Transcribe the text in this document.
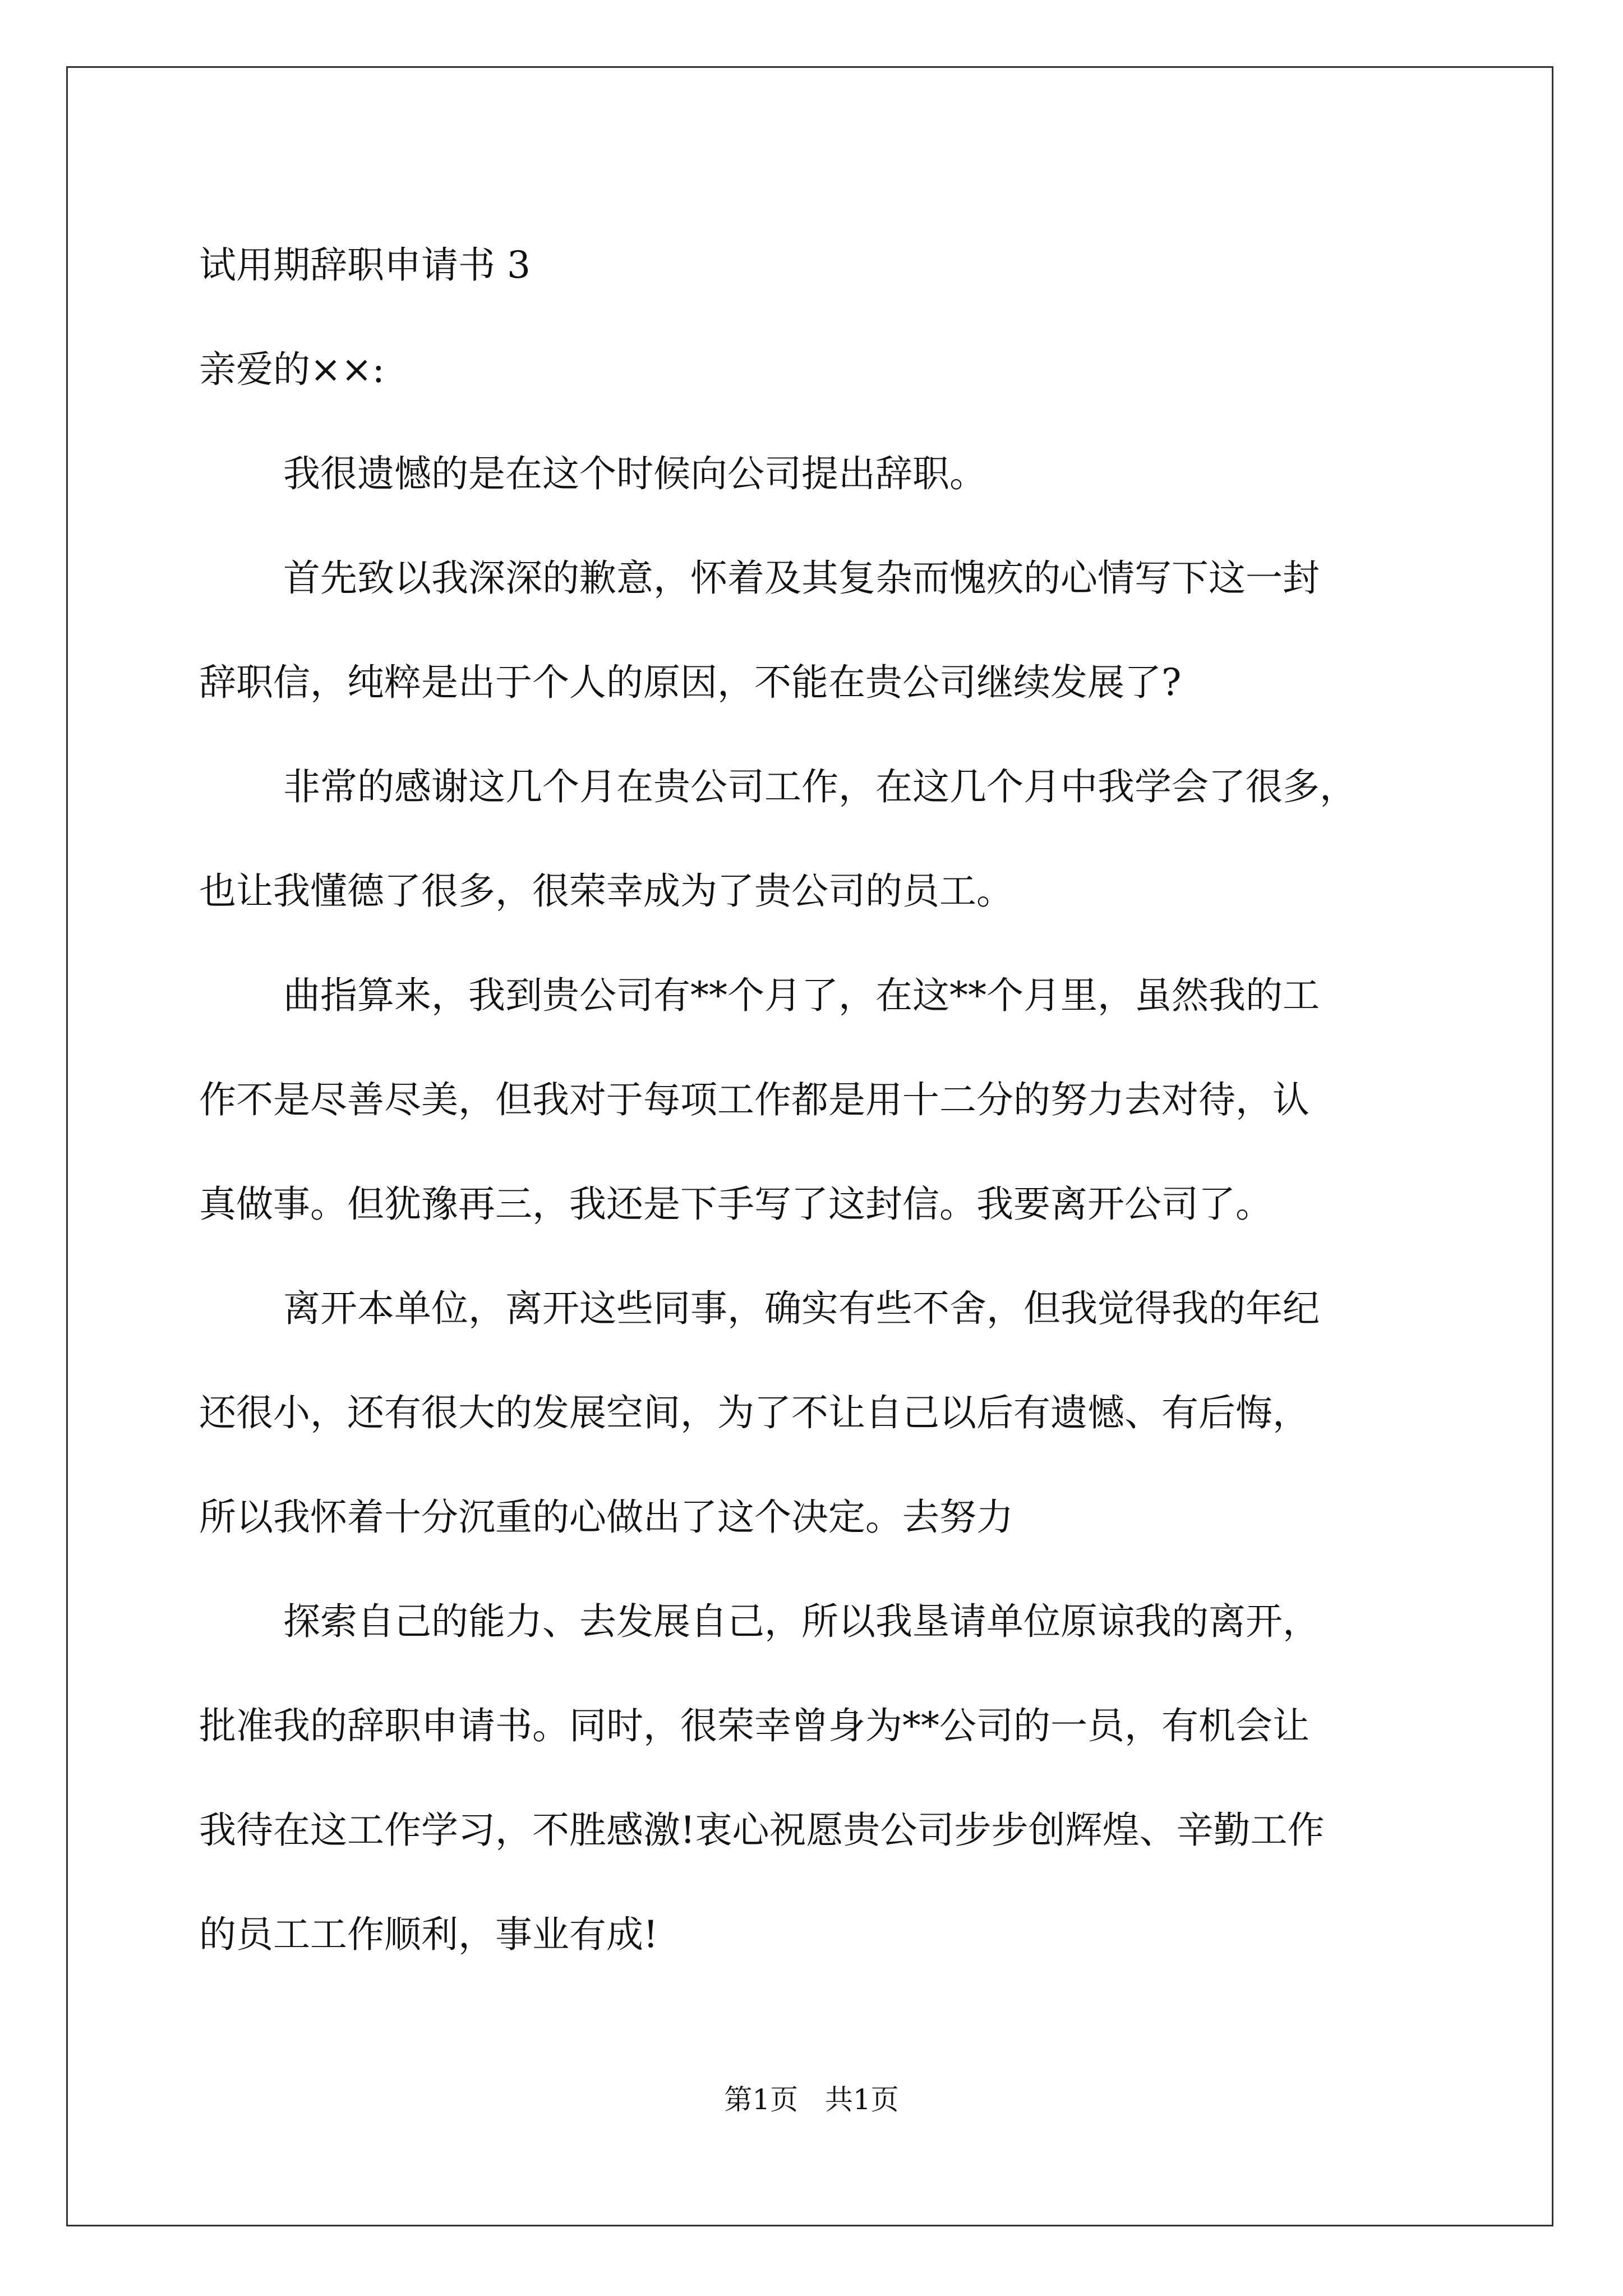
试用期辞职申请书 3
亲爱的××:
我很遗憾的是在这个时候向公司提出辞职。
首先致以我深深的歉意，怀着及其复杂而愧疚的心情写下这一封
辞职信，纯粹是出于个人的原因，不能在贵公司继续发展了?
非常的感谢这几个月在贵公司工作，在这几个月中我学会了很多，
也让我懂德了很多，很荣幸成为了贵公司的员工。
曲指算来，我到贵公司有**个月了，在这**个月里，虽然我的工
作不是尽善尽美，但我对于每项工作都是用十二分的努力去对待，认
真做事。但犹豫再三，我还是下手写了这封信。我要离开公司了。
离开本单位，离开这些同事，确实有些不舍，但我觉得我的年纪
还很小，还有很大的发展空间，为了不让自己以后有遗憾、有后悔，
所以我怀着十分沉重的心做出了这个决定。去努力
探索自己的能力、去发展自己，所以我垦请单位原谅我的离开，
批准我的辞职申请书。同时，很荣幸曾身为**公司的一员，有机会让
我待在这工作学习，不胜感激!衷心祝愿贵公司步步创辉煌、辛勤工作
的员工工作顺利，事业有成!
第1页   共1页
